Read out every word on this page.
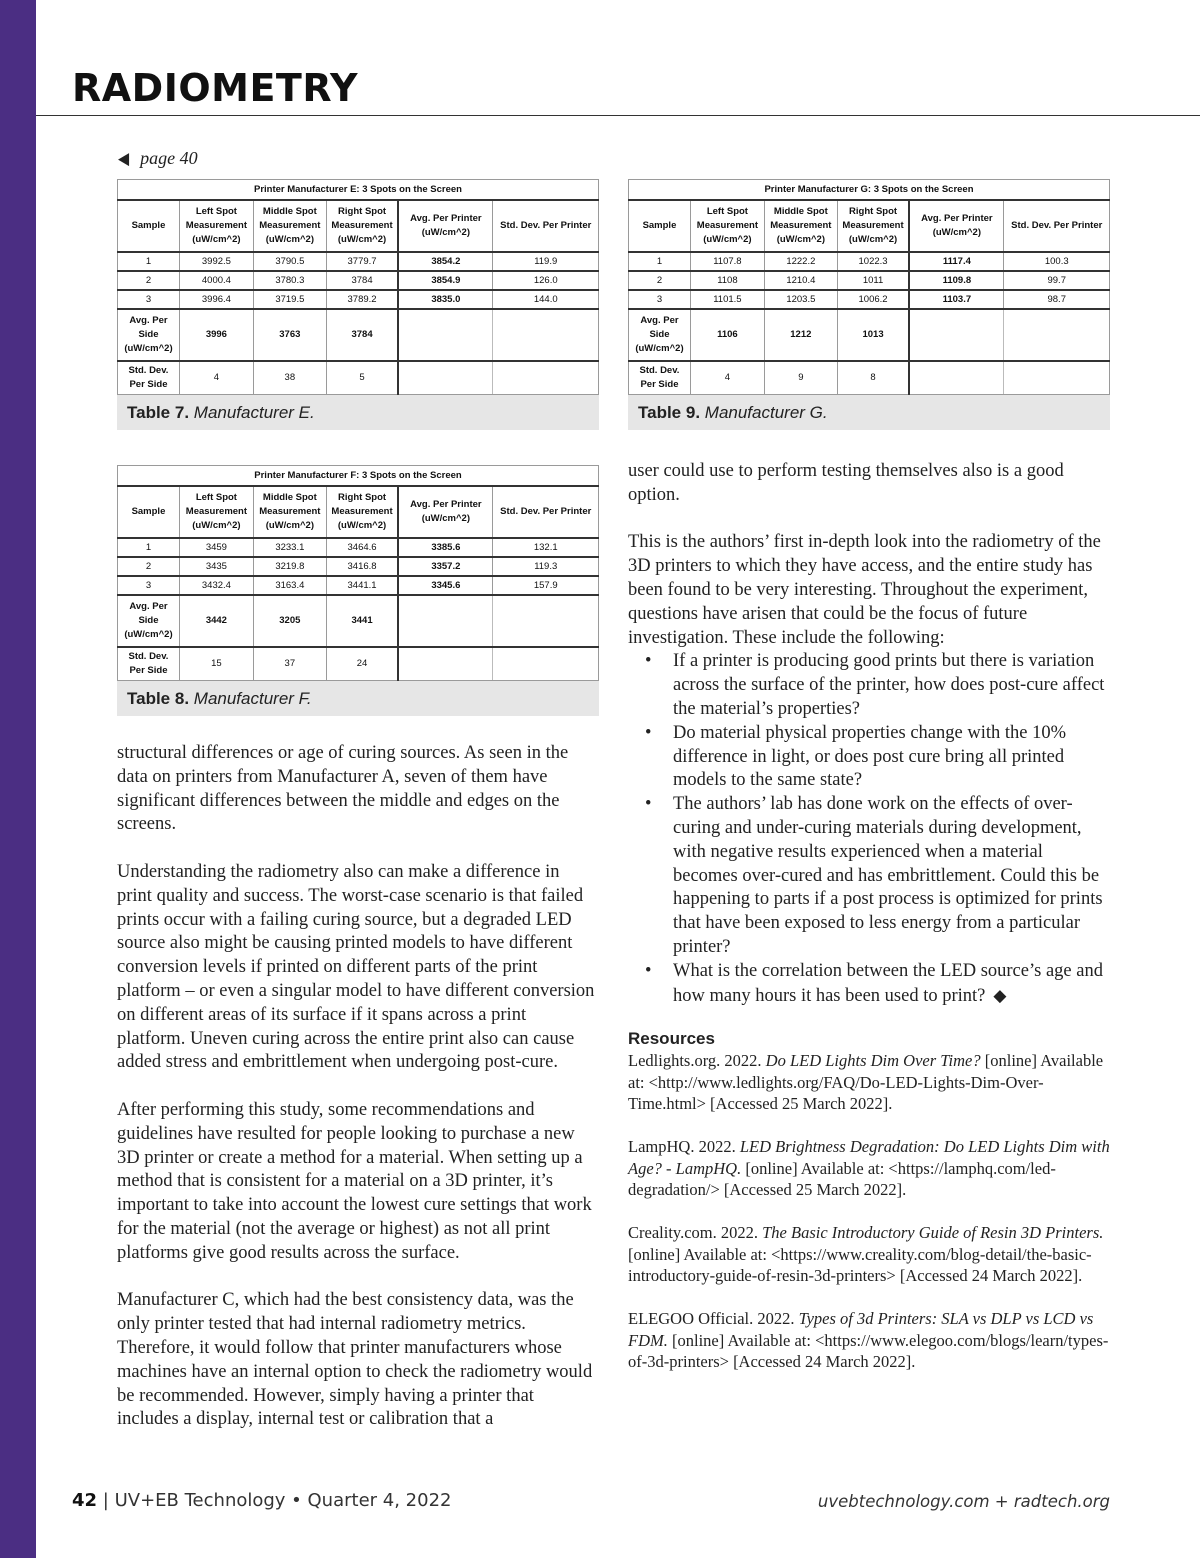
RADIOMETRY
◀ page 40
Printer Manufacturer E: 3 Spots on the Screen					
Sample	Left Spot Measurement (uW/cm^2)	Middle Spot Measurement (uW/cm^2)	Right Spot Measurement (uW/cm^2)	Avg. Per Printer (uW/cm^2)	Std. Dev. Per Printer
1	3992.5	3790.5	3779.7	3854.2	119.9
2	4000.4	3780.3	3784	3854.9	126.0
3	3996.4	3719.5	3789.2	3835.0	144.0
Avg. Per Side (uW/cm^2)	3996	3763	3784		
Std. Dev. Per Side	4	38	5		
Table 7. Manufacturer E.
Printer Manufacturer F: 3 Spots on the Screen					
Sample	Left Spot Measurement (uW/cm^2)	Middle Spot Measurement (uW/cm^2)	Right Spot Measurement (uW/cm^2)	Avg. Per Printer (uW/cm^2)	Std. Dev. Per Printer
1	3459	3233.1	3464.6	3385.6	132.1
2	3435	3219.8	3416.8	3357.2	119.3
3	3432.4	3163.4	3441.1	3345.6	157.9
Avg. Per Side (uW/cm^2)	3442	3205	3441		
Std. Dev. Per Side	15	37	24		
Table 8. Manufacturer F.
Printer Manufacturer G: 3 Spots on the Screen					
Sample	Left Spot Measurement (uW/cm^2)	Middle Spot Measurement (uW/cm^2)	Right Spot Measurement (uW/cm^2)	Avg. Per Printer (uW/cm^2)	Std. Dev. Per Printer
1	1107.8	1222.2	1022.3	1117.4	100.3
2	1108	1210.4	1011	1109.8	99.7
3	1101.5	1203.5	1006.2	1103.7	98.7
Avg. Per Side (uW/cm^2)	1106	1212	1013		
Std. Dev. Per Side	4	9	8		
Table 9. Manufacturer G.

structural differences or age of curing sources. As seen in the data on printers from Manufacturer A, seven of them have significant differences between the middle and edges on the screens.

Understanding the radiometry also can make a difference in print quality and success. The worst-case scenario is that failed prints occur with a failing curing source, but a degraded LED source also might be causing printed models to have different conversion levels if printed on different parts of the print platform – or even a singular model to have different conversion on different areas of its surface if it spans across a print platform. Uneven curing across the entire print also can cause added stress and embrittlement when undergoing post-cure.

After performing this study, some recommendations and guidelines have resulted for people looking to purchase a new 3D printer or create a method for a material. When setting up a method that is consistent for a material on a 3D printer, it’s important to take into account the lowest cure settings that work for the material (not the average or highest) as not all print platforms give good results across the surface.

Manufacturer C, which had the best consistency data, was the only printer tested that had internal radiometry metrics. Therefore, it would follow that printer manufacturers whose machines have an internal option to check the radiometry would be recommended. However, simply having a printer that includes a display, internal test or calibration that a

user could use to perform testing themselves also is a good option.

This is the authors’ first in-depth look into the radiometry of the 3D printers to which they have access, and the entire study has been found to be very interesting. Throughout the experiment, questions have arisen that could be the focus of future investigation. These include the following:

• If a printer is producing good prints but there is variation across the surface of the printer, how does post-cure affect the material’s properties?
• Do material physical properties change with the 10% difference in light, or does post cure bring all printed models to the same state?
• The authors’ lab has done work on the effects of over-curing and under-curing materials during development, with negative results experienced when a material becomes over-cured and has embrittlement. Could this be happening to parts if a post process is optimized for prints that have been exposed to less energy from a particular printer?
• What is the correlation between the LED source’s age and how many hours it has been used to print? ◆
Resources
Ledlights.org. 2022. Do LED Lights Dim Over Time? [online] Available at: <http://www.ledlights.org/FAQ/Do-LED-Lights-Dim-Over-Time.html> [Accessed 25 March 2022].
LampHQ. 2022. LED Brightness Degradation: Do LED Lights Dim with Age? - LampHQ. [online] Available at: <https://lamphq.com/led-degradation/> [Accessed 25 March 2022].
Creality.com. 2022. The Basic Introductory Guide of Resin 3D Printers. [online] Available at: <https://www.creality.com/blog-detail/the-basic-introductory-guide-of-resin-3d-printers> [Accessed 24 March 2022].
ELEGOO Official. 2022. Types of 3d Printers: SLA vs DLP vs LCD vs FDM. [online] Available at: <https://www.elegoo.com/blogs/learn/types-of-3d-printers> [Accessed 24 March 2022].
42 | UV+EB Technology • Quarter 4, 2022	uvebtechnology.com + radtech.org
